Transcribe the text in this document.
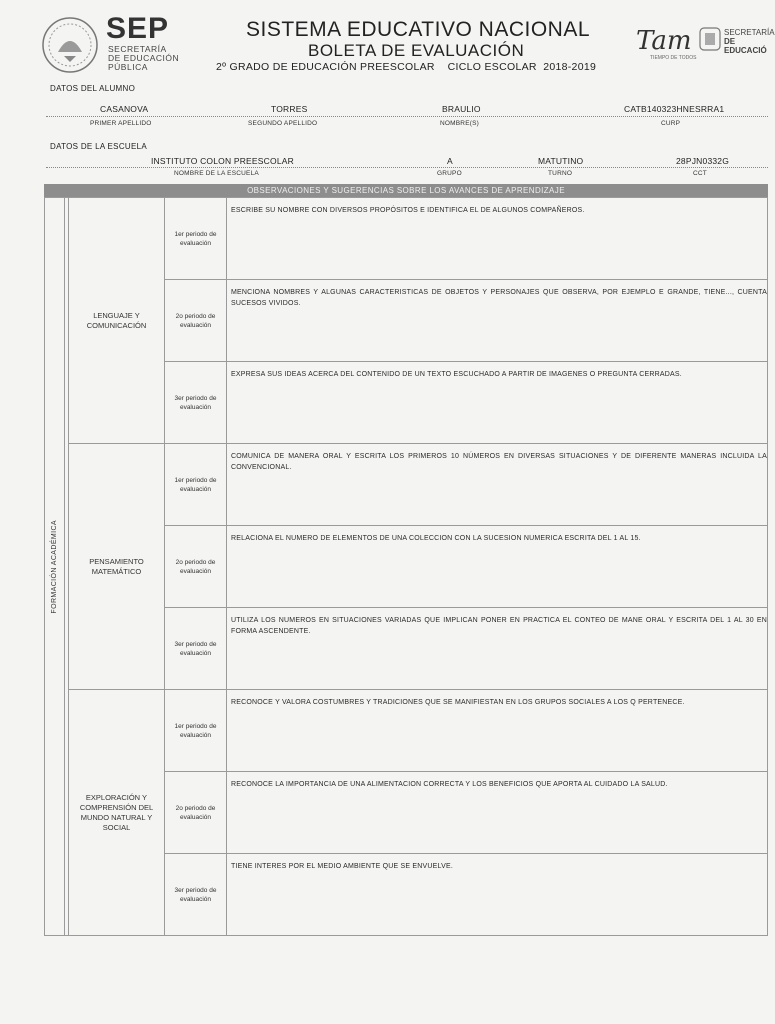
SEP
SECRETARÍA
DE EDUCACIÓN
PÚBLICA
SISTEMA EDUCATIVO NACIONAL
BOLETA DE EVALUACIÓN
2º GRADO DE EDUCACIÓN PREESCOLAR    CICLO ESCOLAR  2018-2019
Tam
TIEMPO DE TODOS
SECRETARÍA
DE EDUCACIÓ
DATOS DEL ALUMNO
CASANOVA	TORRES	BRAULIO	CATB140323HNESRRA1
PRIMER APELLIDO	SEGUNDO APELLIDO	NOMBRE(S)	CURP
DATOS DE LA ESCUELA
INSTITUTO COLON PREESCOLAR	A	MATUTINO	28PJN0332G
NOMBRE DE LA ESCUELA	GRUPO	TURNO	CCT
OBSERVACIONES Y SUGERENCIAS SOBRE LOS AVANCES DE APRENDIZAJE
FORMACIÓN ACADÉMICA		LENGUAJE Y COMUNICACIÓN	1er periodo de evaluación	ESCRIBE SU NOMBRE CON DIVERSOS PROPÓSITOS E IDENTIFICA EL DE ALGUNOS COMPAÑEROS.

			2o periodo de evaluación	MENCIONA NOMBRES Y ALGUNAS CARACTERISTICAS DE OBJETOS Y PERSONAJES QUE OBSERVA, POR EJEMPLO E GRANDE, TIENE..., CUENTA SUCESOS VIVIDOS.

			3er periodo de evaluación	EXPRESA SUS IDEAS ACERCA DEL CONTENIDO DE UN TEXTO ESCUCHADO A PARTIR DE IMAGENES O PREGUNTA CERRADAS.

		PENSAMIENTO MATEMÁTICO	1er periodo de evaluación	COMUNICA DE MANERA ORAL Y ESCRITA LOS PRIMEROS 10 NÚMEROS EN DIVERSAS SITUACIONES Y DE DIFERENTE MANERAS INCLUIDA LA CONVENCIONAL.

			2o periodo de evaluación	RELACIONA EL NUMERO DE ELEMENTOS DE UNA COLECCION CON LA SUCESION NUMERICA ESCRITA DEL 1 AL 15.

			3er periodo de evaluación	UTILIZA LOS NUMEROS EN SITUACIONES VARIADAS QUE IMPLICAN PONER EN PRACTICA EL CONTEO DE MANE ORAL Y ESCRITA DEL 1 AL 30 EN FORMA ASCENDENTE.

		EXPLORACIÓN Y COMPRENSIÓN DEL MUNDO NATURAL Y SOCIAL	1er periodo de evaluación	RECONOCE Y VALORA COSTUMBRES Y TRADICIONES QUE SE MANIFIESTAN EN LOS GRUPOS SOCIALES A LOS Q PERTENECE.

			2o periodo de evaluación	RECONOCE LA IMPORTANCIA DE UNA ALIMENTACION CORRECTA Y LOS BENEFICIOS QUE APORTA AL CUIDADO LA SALUD.

			3er periodo de evaluación	TIENE INTERES POR EL MEDIO AMBIENTE QUE SE ENVUELVE.
